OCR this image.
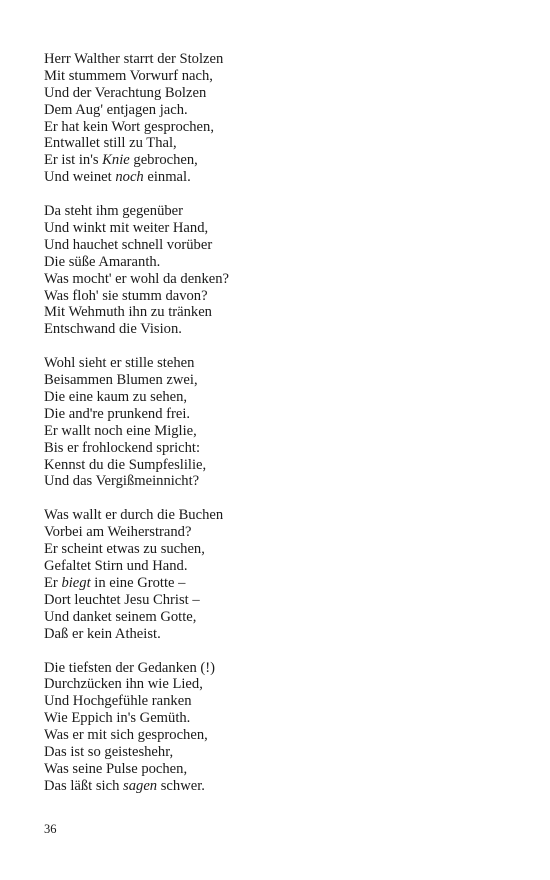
Herr Walther starrt der Stolzen
Mit stummem Vorwurf nach,
Und der Verachtung Bolzen
Dem Aug' entjagen jach.
Er hat kein Wort gesprochen,
Entwallet still zu Thal,
Er ist in's Knie gebrochen,
Und weinet noch einmal.
Da steht ihm gegenüber
Und winkt mit weiter Hand,
Und hauchet schnell vorüber
Die süße Amaranth.
Was mocht' er wohl da denken?
Was floh' sie stumm davon?
Mit Wehmuth ihn zu tränken
Entschwand die Vision.
Wohl sieht er stille stehen
Beisammen Blumen zwei,
Die eine kaum zu sehen,
Die and're prunkend frei.
Er wallt noch eine Miglie,
Bis er frohlockend spricht:
Kennst du die Sumpfeslilie,
Und das Vergißmeinnicht?
Was wallt er durch die Buchen
Vorbei am Weiherstrand?
Er scheint etwas zu suchen,
Gefaltet Stirn und Hand.
Er biegt in eine Grotte –
Dort leuchtet Jesu Christ –
Und danket seinem Gotte,
Daß er kein Atheist.
Die tiefsten der Gedanken (!)
Durchzücken ihn wie Lied,
Und Hochgefühle ranken
Wie Eppich in's Gemüth.
Was er mit sich gesprochen,
Das ist so geisteshehr,
Was seine Pulse pochen,
Das läßt sich sagen schwer.
36
